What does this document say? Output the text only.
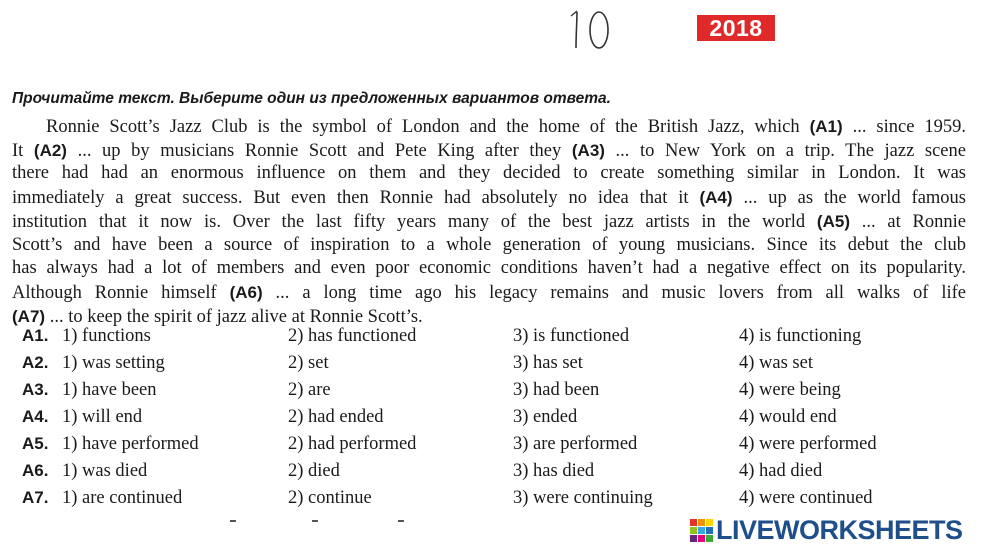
2018
Прочитайте текст. Выберите один из предложенных вариантов ответа.
Ronnie Scott’s Jazz Club is the symbol of London and the home of the British Jazz, which (A1) ... since 1959.
It (A2) ... up by musicians Ronnie Scott and Pete King after they (A3) ... to New York on a trip. The jazz scene
there had had an enormous influence on them and they decided to create something similar in London. It was
immediately a great success. But even then Ronnie had absolutely no idea that it (A4) ... up as the world famous
institution that it now is. Over the last fifty years many of the best jazz artists in the world (A5) ... at Ronnie
Scott’s and have been a source of inspiration to a whole generation of young musicians. Since its debut the club
has always had a lot of members and even poor economic conditions haven’t had a negative effect on its popularity.
Although Ronnie himself (A6) ... a long time ago his legacy remains and music lovers from all walks of life
(A7) ... to keep the spirit of jazz alive at Ronnie Scott’s.
A1. 1) functions	2) has functioned	3) is functioned	4) is functioning
A2. 1) was setting	2) set	3) has set	4) was set
A3. 1) have been	2) are	3) had been	4) were being
A4. 1) will end	2) had ended	3) ended	4) would end
A5. 1) have performed	2) had performed	3) are performed	4) were performed
A6. 1) was died	2) died	3) has died	4) had died
A7. 1) are continued	2) continue	3) were continuing	4) were continued
LIVEWORKSHEETS
